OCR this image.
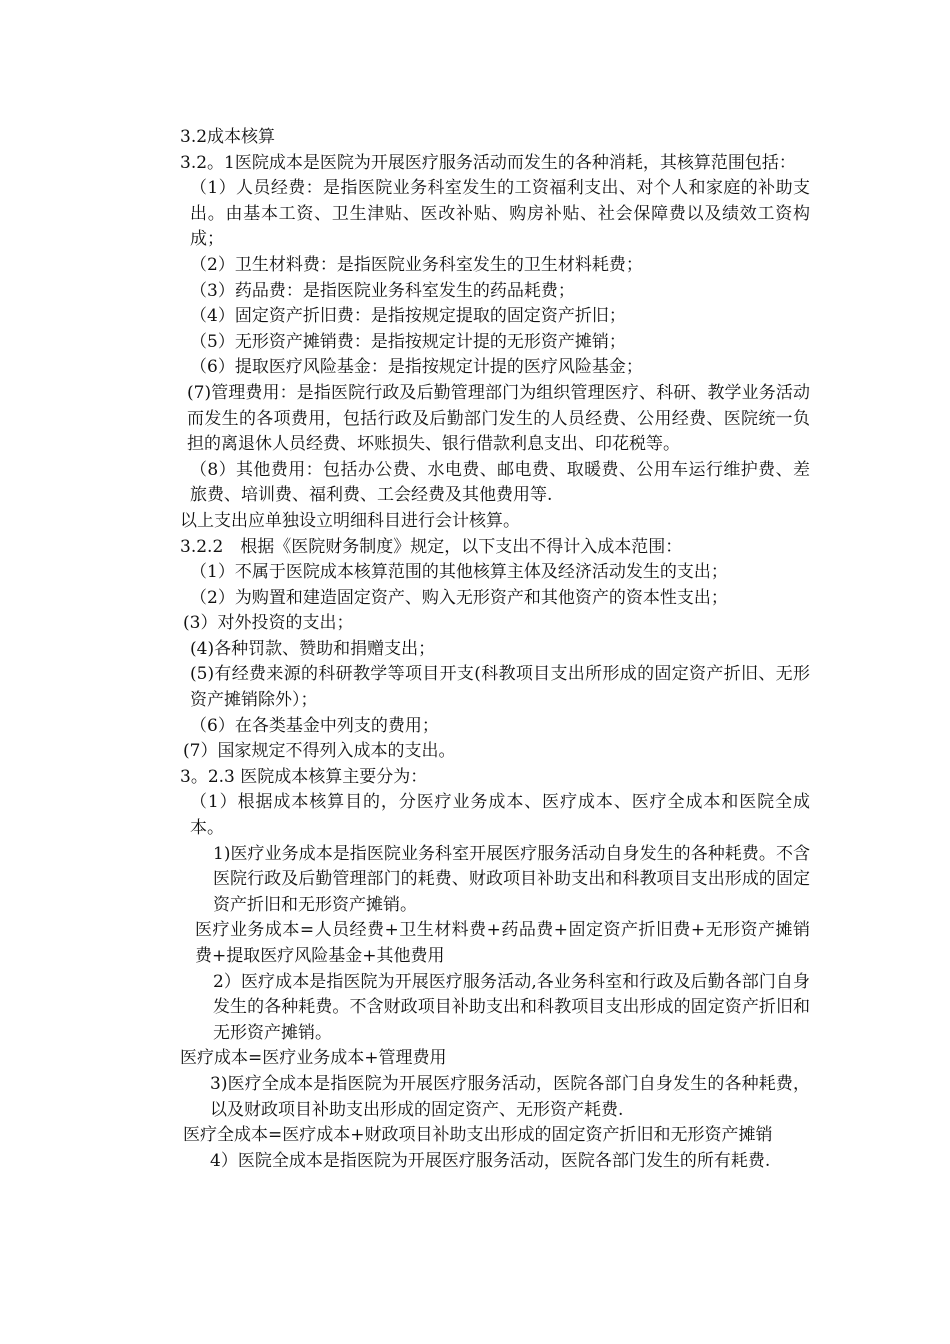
3.2成本核算

3.2。1医院成本是医院为开展医疗服务活动而发生的各种消耗，其核算范围包括：

（1）人员经费：是指医院业务科室发生的工资福利支出、对个人和家庭的补助支出。由基本工资、卫生津贴、医改补贴、购房补贴、社会保障费以及绩效工资构成；

（2）卫生材料费：是指医院业务科室发生的卫生材料耗费；

（3）药品费：是指医院业务科室发生的药品耗费；

（4）固定资产折旧费：是指按规定提取的固定资产折旧；

（5）无形资产摊销费：是指按规定计提的无形资产摊销；

（6）提取医疗风险基金：是指按规定计提的医疗风险基金；

(7)管理费用：是指医院行政及后勤管理部门为组织管理医疗、科研、教学业务活动而发生的各项费用，包括行政及后勤部门发生的人员经费、公用经费、医院统一负担的离退休人员经费、坏账损失、银行借款利息支出、印花税等。

（8）其他费用：包括办公费、水电费、邮电费、取暖费、公用车运行维护费、差旅费、培训费、福利费、工会经费及其他费用等.

以上支出应单独设立明细科目进行会计核算。

3.2.2　根据《医院财务制度》规定，以下支出不得计入成本范围：

（1）不属于医院成本核算范围的其他核算主体及经济活动发生的支出；

（2）为购置和建造固定资产、购入无形资产和其他资产的资本性支出；

(3）对外投资的支出；

(4)各种罚款、赞助和捐赠支出；

(5)有经费来源的科研教学等项目开支(科教项目支出所形成的固定资产折旧、无形资产摊销除外）；

（6）在各类基金中列支的费用；

(7）国家规定不得列入成本的支出。

3。2.3 医院成本核算主要分为：

（1）根据成本核算目的，分医疗业务成本、医疗成本、医疗全成本和医院全成本。

1)医疗业务成本是指医院业务科室开展医疗服务活动自身发生的各种耗费。不含医院行政及后勤管理部门的耗费、财政项目补助支出和科教项目支出形成的固定资产折旧和无形资产摊销。

医疗业务成本=人员经费+卫生材料费+药品费+固定资产折旧费+无形资产摊销费+提取医疗风险基金+其他费用

2）医疗成本是指医院为开展医疗服务活动,各业务科室和行政及后勤各部门自身发生的各种耗费。不含财政项目补助支出和科教项目支出形成的固定资产折旧和无形资产摊销。

医疗成本=医疗业务成本+管理费用

3)医疗全成本是指医院为开展医疗服务活动，医院各部门自身发生的各种耗费，以及财政项目补助支出形成的固定资产、无形资产耗费.

医疗全成本=医疗成本+财政项目补助支出形成的固定资产折旧和无形资产摊销

4）医院全成本是指医院为开展医疗服务活动，医院各部门发生的所有耗费.
